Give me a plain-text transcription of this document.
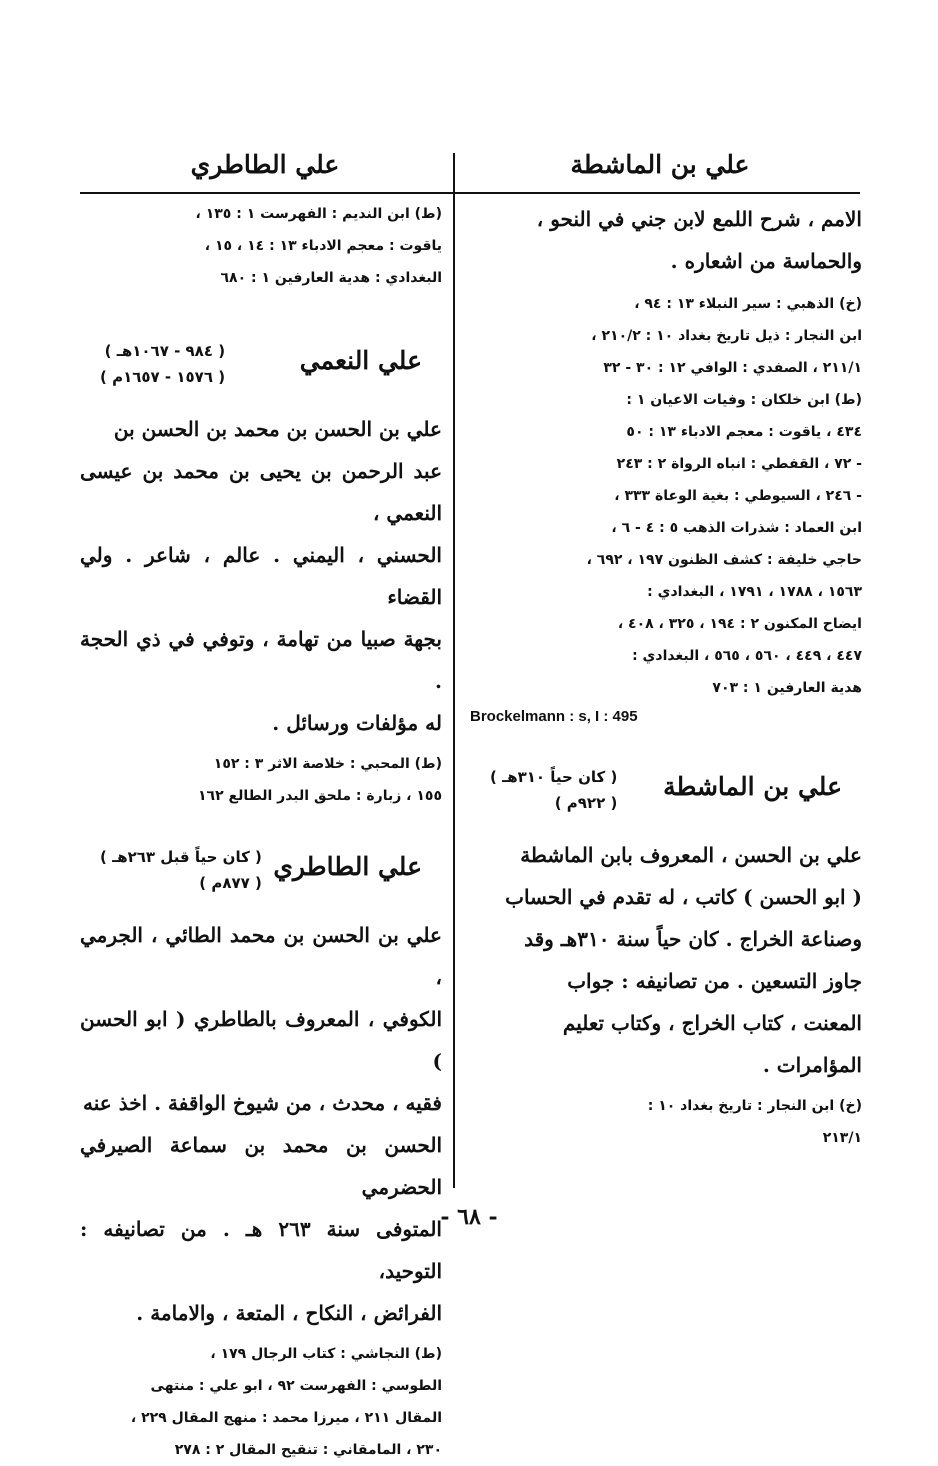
علي بن الماشطة
علي الطاطري

الامم ، شرح اللمع لابن جني في النحو ،

والحماسة من اشعاره .

(خ) الذهبي : سير النبلاء ١٣ : ٩٤ ،

ابن النجار : ذيل تاريخ بغداد ١٠ : ٢١٠/٢ ،

٢١١/١ ، الصفدي : الوافي ١٢ : ٣٠ - ٣٢

(ط) ابن خلكان : وفيات الاعيان ١ :

٤٣٤ ، ياقوت : معجم الادباء ١٣ : ٥٠

- ٧٢ ، القفطي : انباه الرواة ٢ : ٢٤٣

- ٢٤٦ ، السيوطي : بغية الوعاة ٣٣٣ ،

ابن العماد : شذرات الذهب ٥ : ٤ - ٦ ،

حاجي خليفة : كشف الظنون ١٩٧ ، ٦٩٢ ،

١٥٦٣ ، ١٧٨٨ ، ١٧٩١ ، البغدادي :

ايضاح المكنون ٢ : ١٩٤ ، ٣٢٥ ، ٤٠٨ ،

٤٤٧ ، ٤٤٩ ، ٥٦٠ ، ٥٦٥ ، البغدادي :

هدية العارفين ١ : ٧٠٣

Brockelmann : s, I : 495

علي بن الماشطة
( كان حياً ٣١٠هـ )
( ٩٢٢م )

علي بن الحسن ، المعروف بابن الماشطة

( ابو الحسن ) كاتب ، له تقدم في الحساب

وصناعة الخراج . كان حياً سنة ٣١٠هـ وقد

جاوز التسعين . من تصانيفه : جواب

المعنت ، كتاب الخراج ، وكتاب تعليم

المؤامرات .

(خ) ابن النجار : تاريخ بغداد ١٠ :

٢١٣/١

(ط) ابن النديم : الفهرست ١ : ١٣٥ ،

ياقوت : معجم الادباء ١٣ : ١٤ ، ١٥ ،

البغدادي : هدية العارفين ١ : ٦٨٠

علي النعمي
( ٩٨٤ - ١٠٦٧هـ )
( ١٥٧٦ - ١٦٥٧م )

علي بن الحسن بن محمد بن الحسن بن

عبد الرحمن بن يحيى بن محمد بن عيسى النعمي ،

الحسني ، اليمني . عالم ، شاعر . ولي القضاء

بجهة صبيا من تهامة ، وتوفي في ذي الحجة .

له مؤلفات ورسائل .

(ط) المحبي : خلاصة الاثر ٣ : ١٥٢

١٥٥ ، زبارة : ملحق البدر الطالع ١٦٢

علي الطاطري
( كان حياً قبل ٢٦٣هـ )
( ٨٧٧م )

علي بن الحسن بن محمد الطائي ، الجرمي ،

الكوفي ، المعروف بالطاطري ( ابو الحسن )

فقيه ، محدث ، من شيوخ الواقفة . اخذ عنه

الحسن بن محمد بن سماعة الصيرفي الحضرمي

المتوفى سنة ٢٦٣ هـ . من تصانيفه : التوحيد،

الفرائض ، النكاح ، المتعة ، والامامة .

(ط) النجاشي : كتاب الرجال ١٧٩ ،

الطوسي : الفهرست ٩٢ ، ابو علي : منتهى

المقال ٢١١ ، ميرزا محمد : منهج المقال ٢٢٩ ،

٢٣٠ ، المامقاني : تنقيح المقال ٢ : ٢٧٨

- ٦٨ -
